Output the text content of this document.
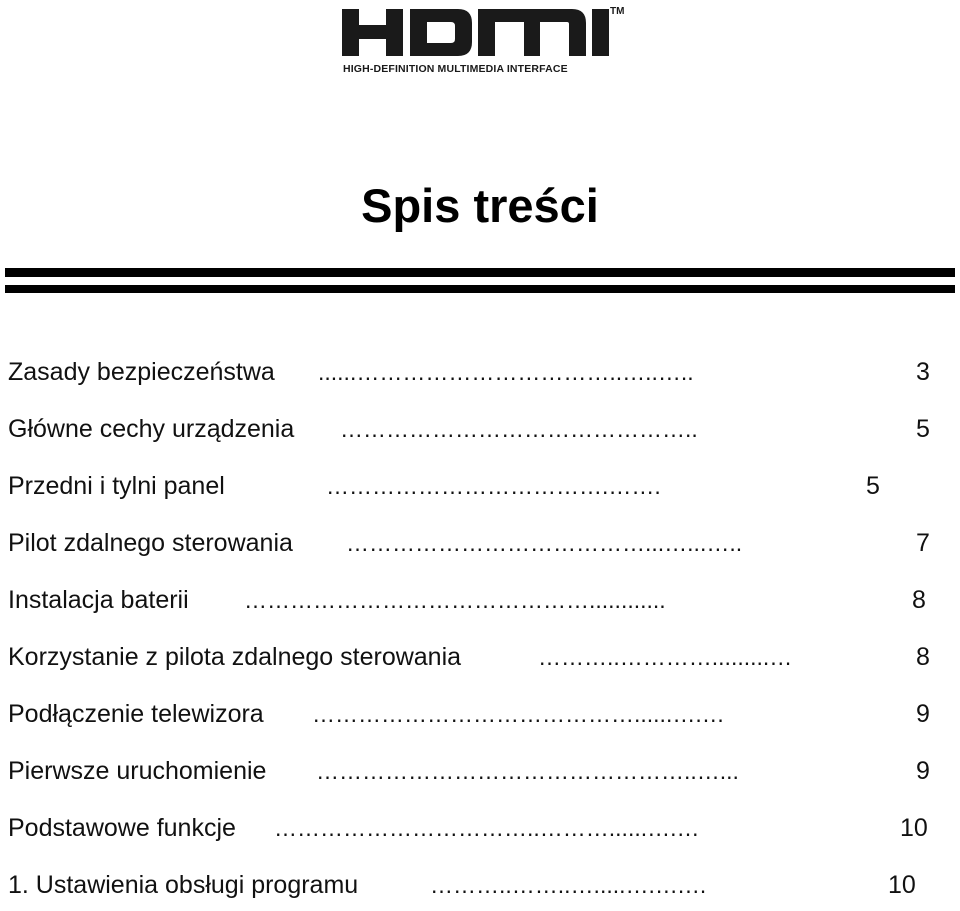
TM
HIGH-DEFINITION MULTIMEDIA INTERFACE
Spis treści
Zasady bezpieczeństwa ......……………………………..…..…..	3
Główne cechy urządzenia ………………………………………..	5
Przedni i tylni panel	……………………………….…….	5
Pilot zdalnego sterowania …………………………………...…...…..	7
Instalacja baterii ………………………………………............	8
Korzystanie z pilota zdalnego sterowania	………..………….........…	8
Podłączenie telewizora ……………………………………......….…	9
Pierwsze uruchomienie …………………………………………..…...	9
Podstawowe funkcje ……………………………..………......….…	10
1. Ustawienia obsługi programu	………..……..….....….….…	10
